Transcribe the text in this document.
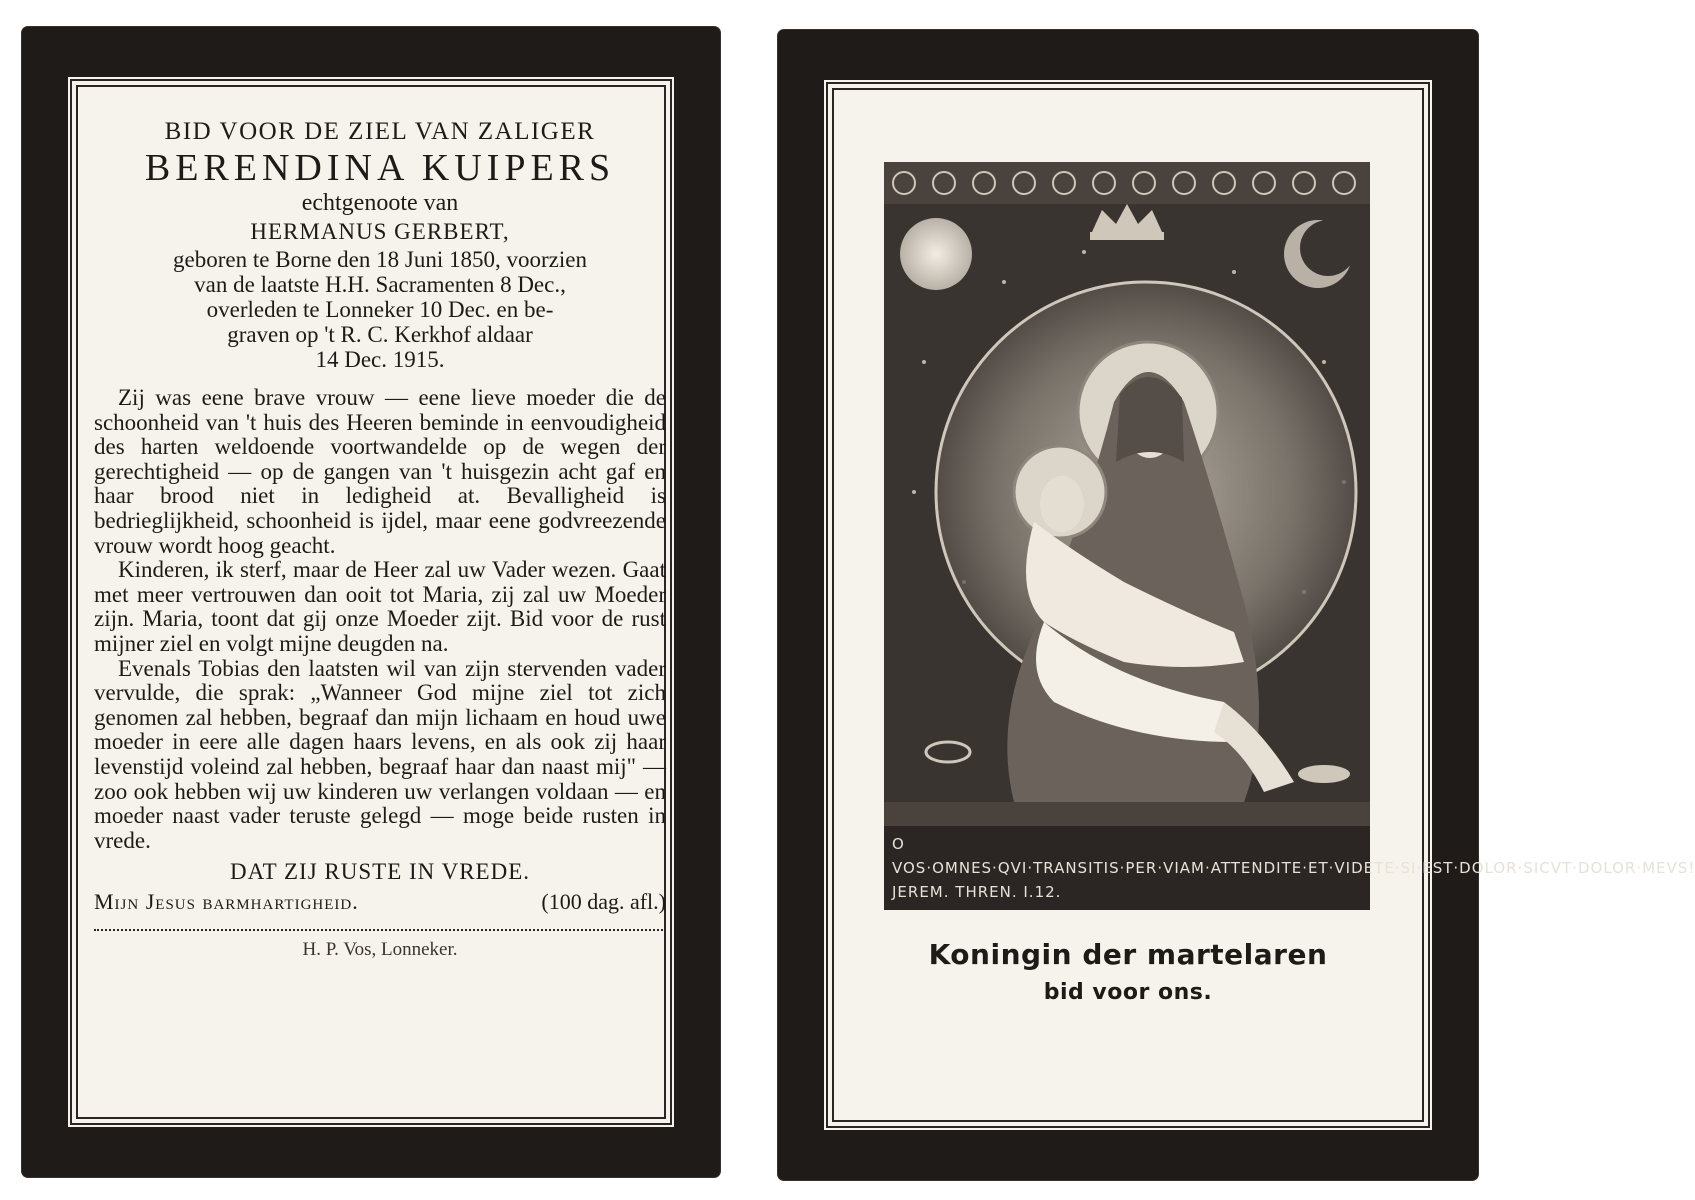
BID VOOR DE ZIEL VAN ZALIGER
BERENDINA KUIPERS
echtgenoote van
HERMANUS GERBERT,
geboren te Borne den 18 Juni 1850, voorzien
van de laatste H.H. Sacramenten 8 Dec.,
overleden te Lonneker 10 Dec. en be-
graven op 't R. C. Kerkhof aldaar
14 Dec. 1915.

Zij was eene brave vrouw — eene lieve moeder die de schoonheid van 't huis des Heeren beminde in eenvoudigheid des harten weldoende voortwandelde op de wegen der gerechtigheid — op de gangen van 't huisgezin acht gaf en haar brood niet in ledigheid at. Bevalligheid is bedrieglijkheid, schoonheid is ijdel, maar eene godvreezende vrouw wordt hoog geacht.

Kinderen, ik sterf, maar de Heer zal uw Vader wezen. Gaat met meer vertrouwen dan ooit tot Maria, zij zal uw Moeder zijn. Maria, toont dat gij onze Moeder zijt. Bid voor de rust mijner ziel en volgt mijne deugden na.

Evenals Tobias den laatsten wil van zijn stervenden vader vervulde, die sprak: „Wanneer God mijne ziel tot zich genomen zal hebben, begraaf dan mijn lichaam en houd uwe moeder in eere alle dagen haars levens, en als ook zij haar levenstijd voleind zal hebben, begraaf haar dan naast mij" — zoo ook hebben wij uw kinderen uw verlangen voldaan — en moeder naast vader teruste gelegd — moge beide rusten in vrede.

DAT ZIJ RUSTE IN VREDE.
Mijn Jesus barmhartigheid.	(100 dag. afl.)
H. P. Vos, Lonneker.
O VOS·OMNES·QVI·TRANSITIS·PER·VIAM·ATTENDITE·ET·VIDETE·SI·EST·DOLOR·SICVT·DOLOR·MEVS! JEREM. THREN. I.12.
Koningin der martelaren
bid voor ons.
